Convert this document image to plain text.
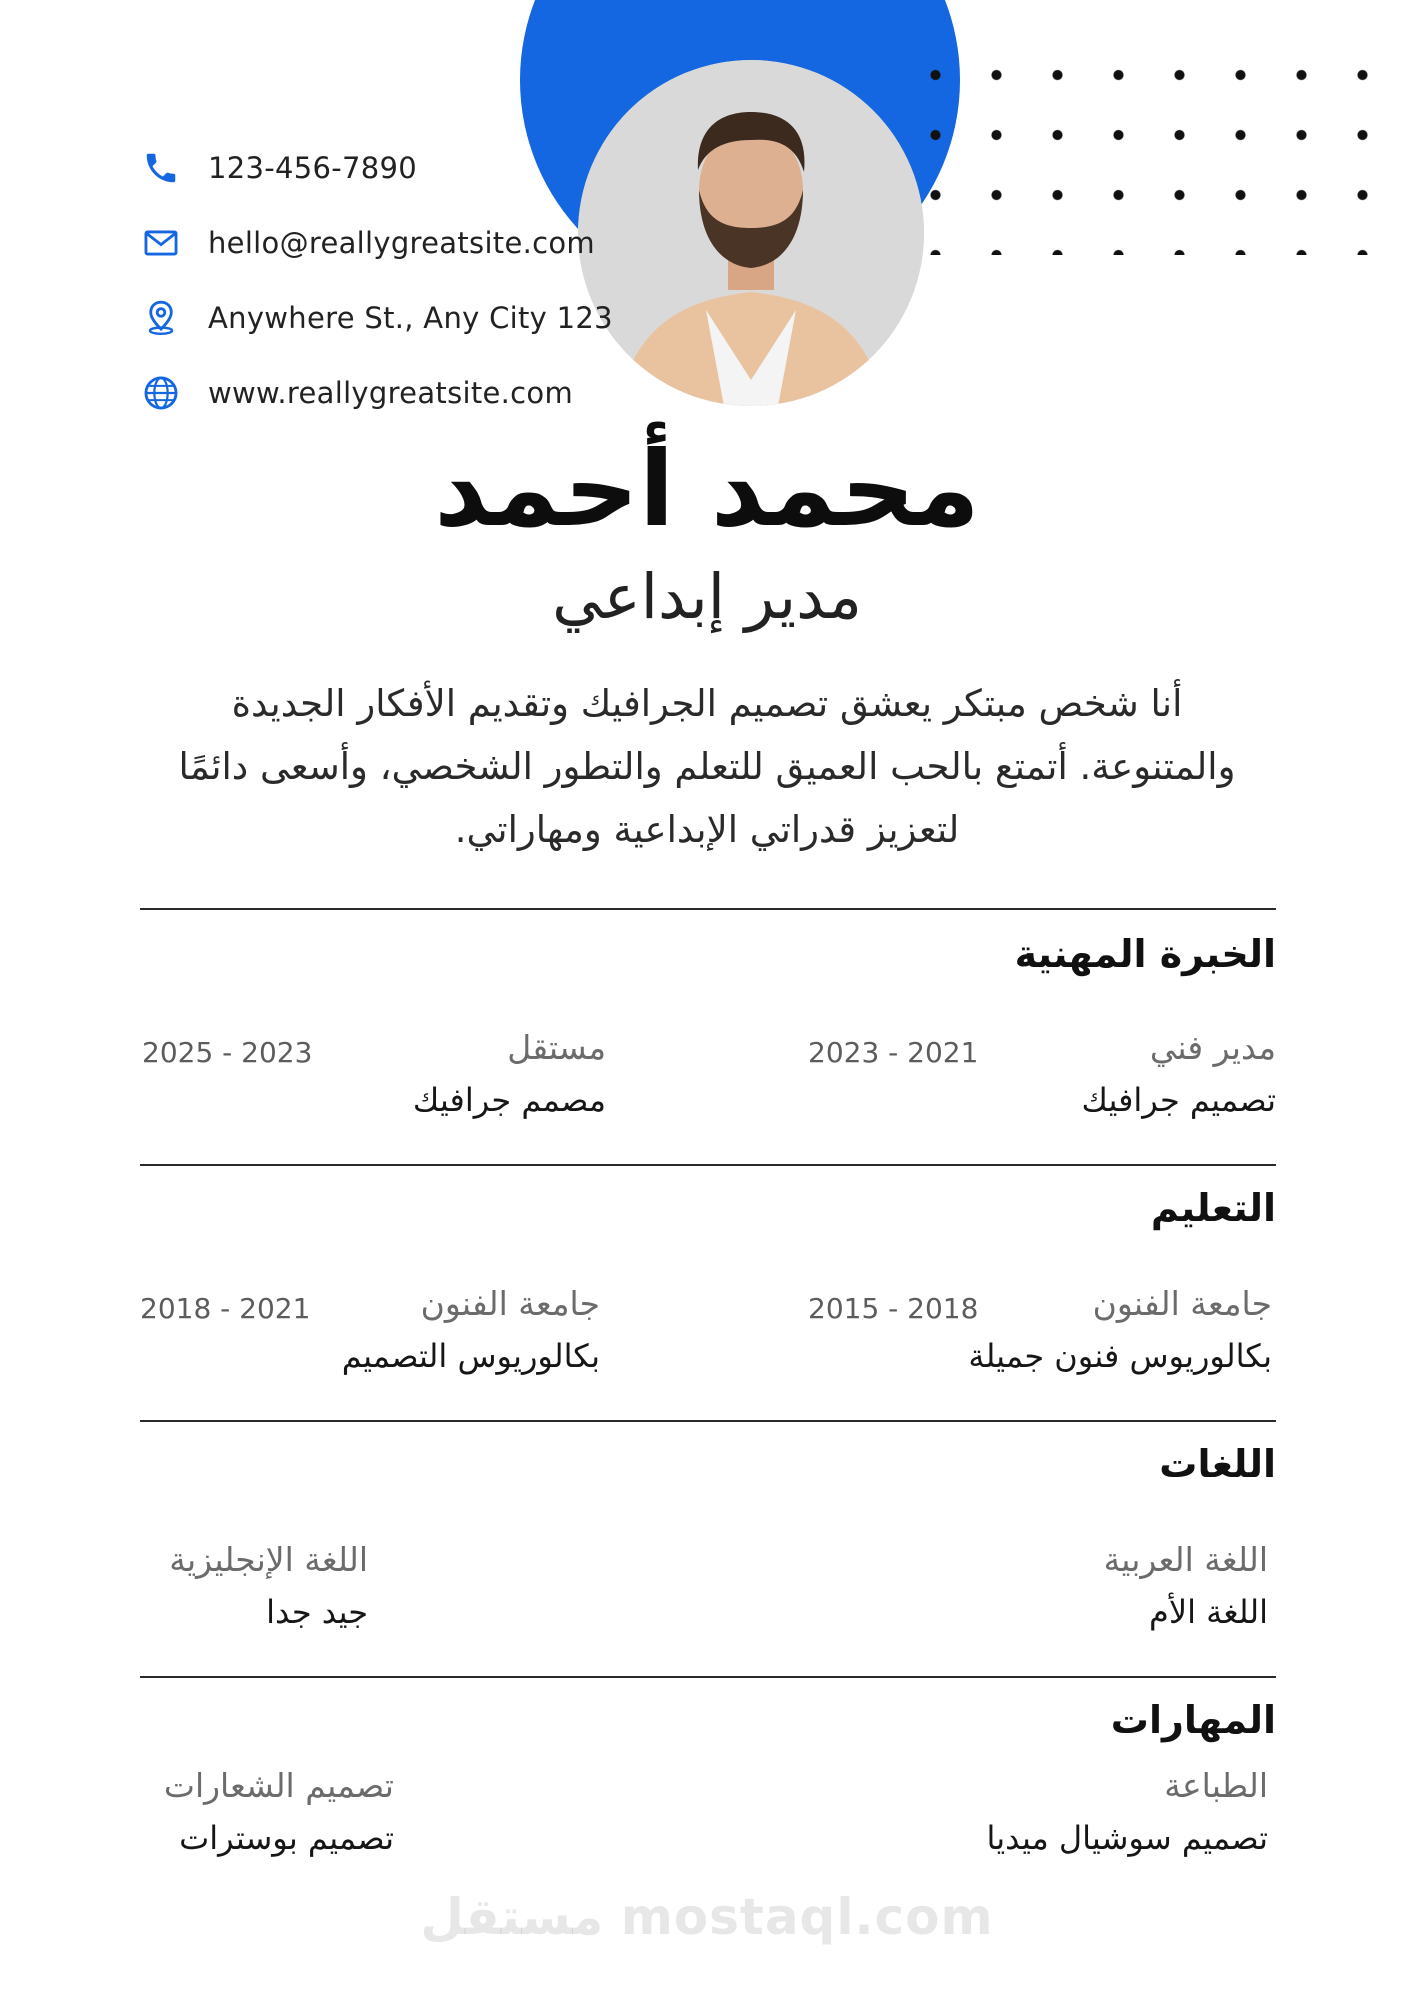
123-456-7890
hello@reallygreatsite.com
Anywhere St., Any City 123
www.reallygreatsite.com
محمد أحمد
مدير إبداعي
أنا شخص مبتكر يعشق تصميم الجرافيك وتقديم الأفكار الجديدة والمتنوعة. أتمتع بالحب العميق للتعلم والتطور الشخصي، وأسعى دائمًا لتعزيز قدراتي الإبداعية ومهاراتي.
الخبرة المهنية
مدير فني
تصميم جرافيك
2023 - 2021
مستقل
مصمم جرافيك
2025 - 2023
التعليم
جامعة الفنون
بكالوريوس فنون جميلة
2015 - 2018
جامعة الفنون
بكالوريوس التصميم
2018 - 2021
اللغات
اللغة العربية
اللغة الأم
اللغة الإنجليزية
جيد جدا
المهارات
الطباعة
تصميم سوشيال ميديا
تصميم الشعارات
تصميم بوسترات
مستقل mostaql.com
